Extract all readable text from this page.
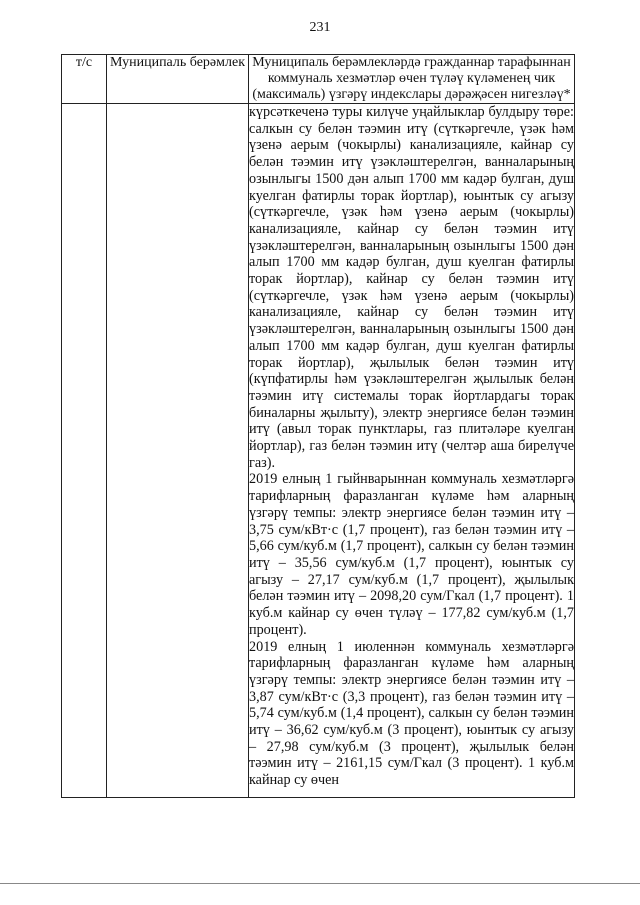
231
т/с	Муниципаль берәмлек	Муниципаль берәмлекләрдә гражданнар тарафыннан коммуналь хезмәтләр өчен түләү күләменең чик (максималь) үзгәрү индекслары дәрәҗәсен нигезләү*

		күрсәткеченә туры килүче уңайлыклар булдыру төре: салкын су белән тәэмин итү (сүткәргечле, үзәк һәм үзенә аерым (чокырлы) канализацияле, кайнар су белән тәэмин итү үзәкләштерелгән, ванналарының озынлыгы 1500 дән алып 1700 мм кадәр булган, душ куелган фатирлы торак йортлар), юынтык су агызу (сүткәргечле, үзәк һәм үзенә аерым (чокырлы) канализацияле, кайнар су белән тәэмин итү үзәкләштерелгән, ванналарының озынлыгы 1500 дән алып 1700 мм кадәр булган, душ куелган фатирлы торак йортлар), кайнар су белән тәэмин итү (сүткәргечле, үзәк һәм үзенә аерым (чокырлы) канализацияле, кайнар су белән тәэмин итү үзәкләштерелгән, ванналарының озынлыгы 1500 дән алып 1700 мм кадәр булган, душ куелган фатирлы торак йортлар), җылылык белән тәэмин итү (күпфатирлы һәм үзәкләштерелгән җылылык белән тәэмин итү системалы торак йортлардагы торак биналарны җылыту), электр энергиясе белән тәэмин итү (авыл торак пунктлары, газ плитәләре куелган йортлар), газ белән тәэмин итү (челтәр аша бирелүче газ).

2019 елның 1 гыйнварыннан коммуналь хезмәтләргә тарифларның фаразланган күләме һәм аларның үзгәрү темпы: электр энергиясе белән тәэмин итү – 3,75 сум/кВт·с (1,7 процент), газ белән тәэмин итү – 5,66 сум/куб.м (1,7 процент), салкын су белән тәэмин итү – 35,56 сум/куб.м (1,7 процент), юынтык су агызу – 27,17 сум/куб.м (1,7 процент), җылылык белән тәэмин итү – 2098,20 сум/Гкал (1,7 процент). 1 куб.м кайнар су өчен түләү – 177,82 сум/куб.м (1,7 процент).

2019 елның 1 июленнән коммуналь хезмәтләргә тарифларның фаразланган күләме һәм аларның үзгәрү темпы: электр энергиясе белән тәэмин итү – 3,87 сум/кВт·с (3,3 процент), газ белән тәэмин итү – 5,74 сум/куб.м (1,4 процент), салкын су белән тәэмин итү – 36,62 сум/куб.м (3 процент), юынтык су агызу – 27,98 сум/куб.м (3 процент), җылылык белән тәэмин итү – 2161,15 сум/Гкал (3 процент). 1 куб.м кайнар су өчен
